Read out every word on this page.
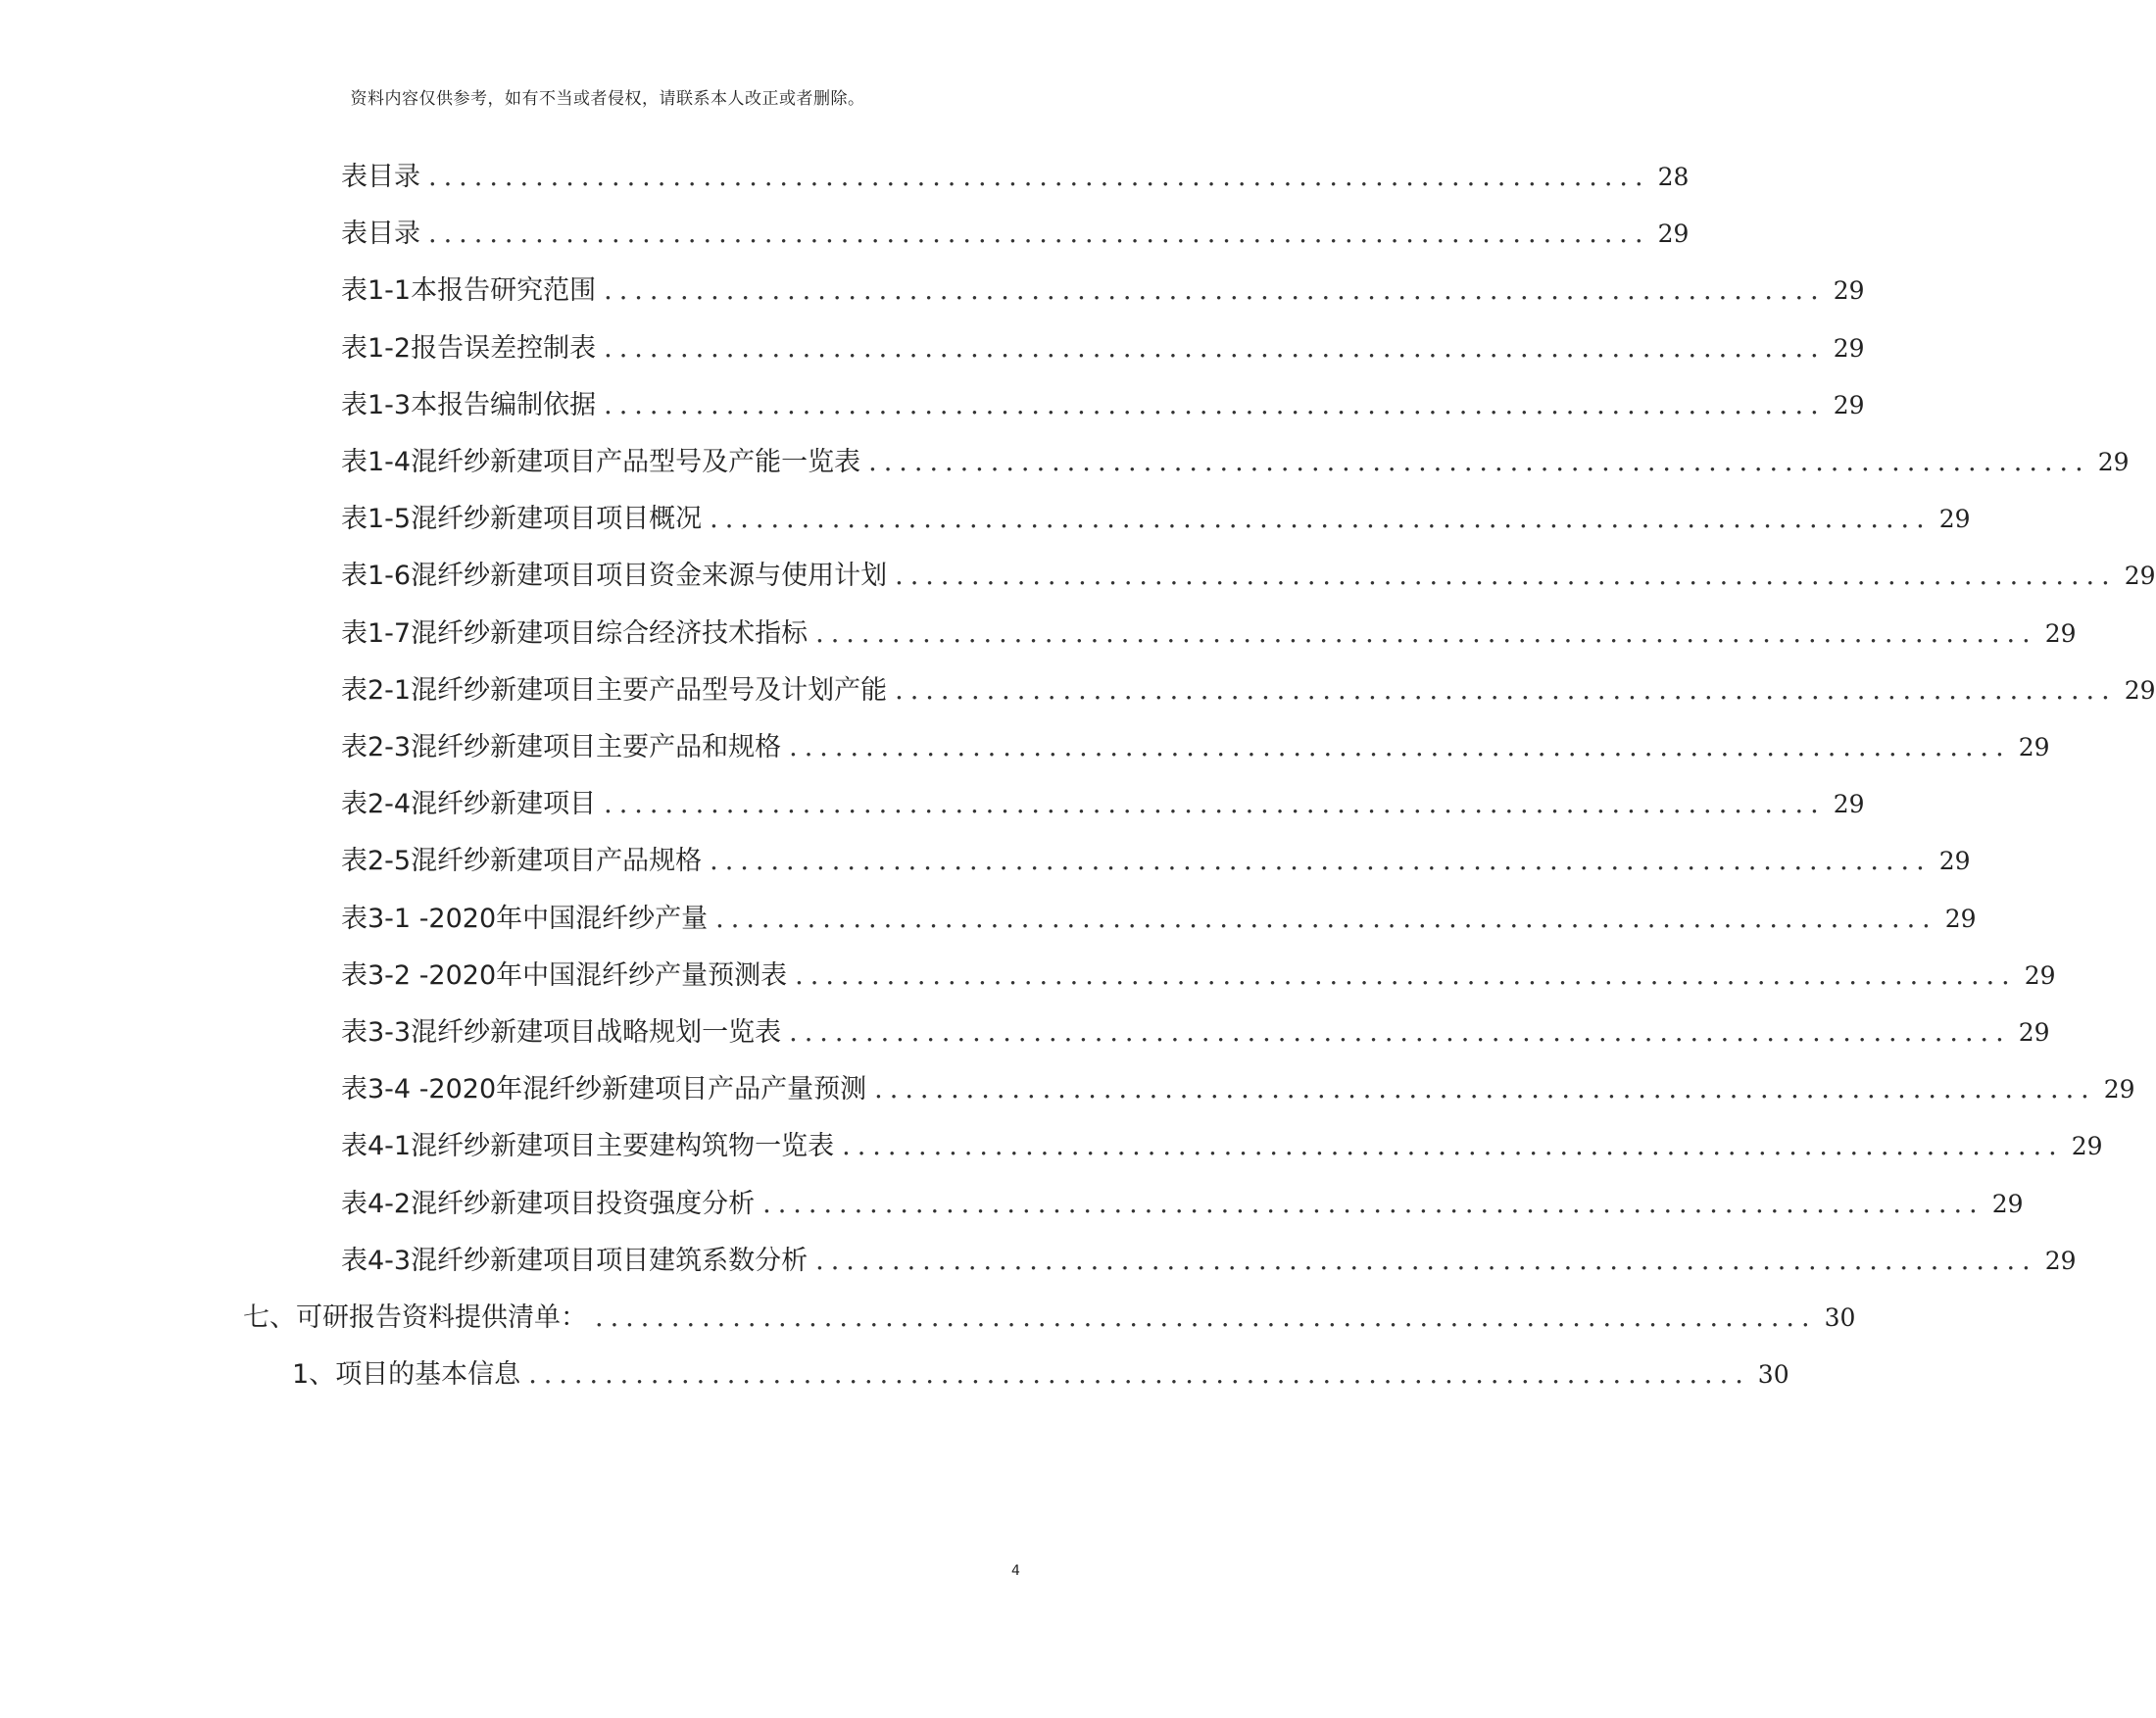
资料内容仅供参考，如有不当或者侵权，请联系本人改正或者删除。
表目录 ................................................................................ 28
表目录 ................................................................................ 29
表1-1 本报告研究范围 ................................................................................ 29
表1-2 报告误差控制表 ................................................................................ 29
表1-3 本报告编制依据 ................................................................................ 29
表1-4 混纤纱新建项目产品型号及产能一览表 ................................................................................ 29
表1-5 混纤纱新建项目项目概况 ................................................................................ 29
表1-6 混纤纱新建项目项目资金来源与使用计划 ................................................................................ 29
表1-7 混纤纱新建项目综合经济技术指标 ................................................................................ 29
表2-1 混纤纱新建项目主要产品型号及计划产能 ................................................................................ 29
表2-3 混纤纱新建项目主要产品和规格 ................................................................................ 29
表2-4 混纤纱新建项目 ................................................................................ 29
表2-5 混纤纱新建项目产品规格 ................................................................................ 29
表3-1 -2020年中国混纤纱产量 ................................................................................ 29
表3-2 -2020年中国混纤纱产量预测表 ................................................................................ 29
表3-3 混纤纱新建项目战略规划一览表 ................................................................................ 29
表3-4 -2020年混纤纱新建项目产品产量预测 ................................................................................ 29
表4-1 混纤纱新建项目主要建构筑物一览表 ................................................................................ 29
表4-2 混纤纱新建项目投资强度分析 ................................................................................ 29
表4-3 混纤纱新建项目项目建筑系数分析 ................................................................................ 29
七、 可研报告资料提供清单： ................................................................................ 30
1、 项目的基本信息 ................................................................................ 30
4
